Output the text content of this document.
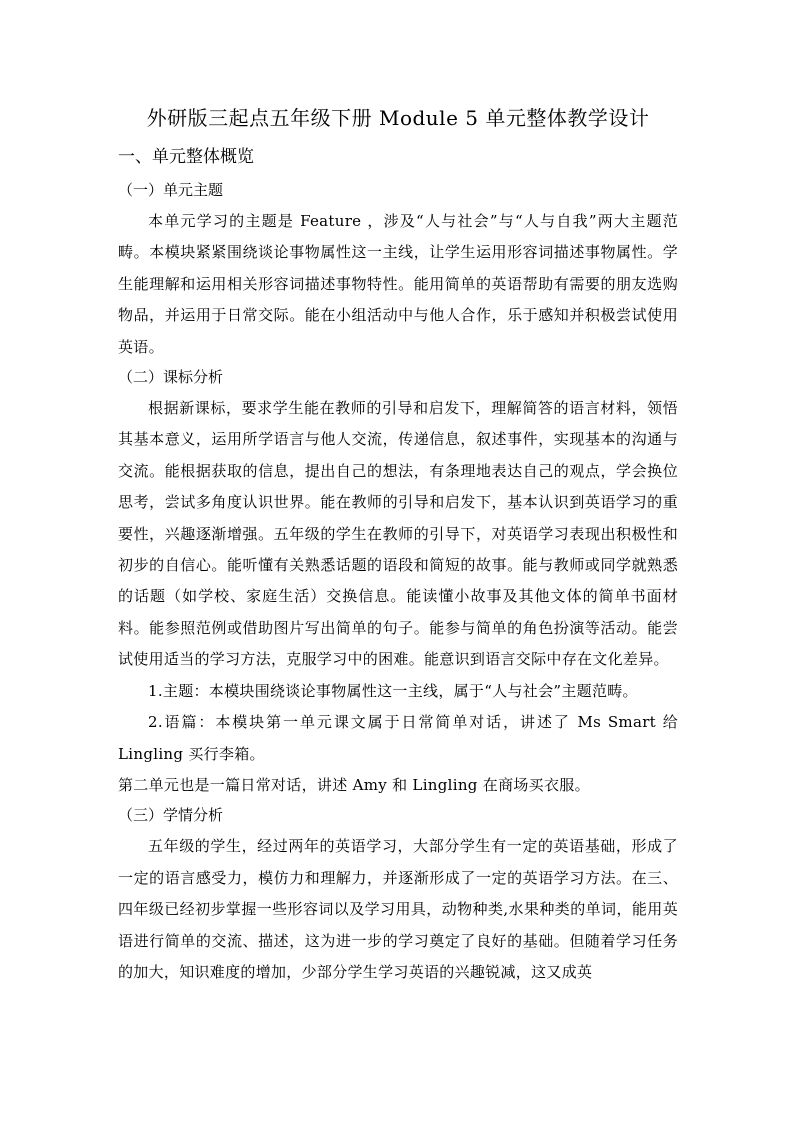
外研版三起点五年级下册 Module 5 单元整体教学设计
一、单元整体概览
（一）单元主题

本单元学习的主题是 Feature ，涉及“人与社会”与“人与自我”两大主题范畴。本模块紧紧围绕谈论事物属性这一主线，让学生运用形容词描述事物属性。学生能理解和运用相关形容词描述事物特性。能用简单的英语帮助有需要的朋友选购物品，并运用于日常交际。能在小组活动中与他人合作，乐于感知并积极尝试使用英语。

（二）课标分析

根据新课标，要求学生能在教师的引导和启发下，理解简答的语言材料，领悟其基本意义，运用所学语言与他人交流，传递信息，叙述事件，实现基本的沟通与交流。能根据获取的信息，提出自己的想法，有条理地表达自己的观点，学会换位思考，尝试多角度认识世界。能在教师的引导和启发下，基本认识到英语学习的重要性，兴趣逐渐增强。五年级的学生在教师的引导下，对英语学习表现出积极性和初步的自信心。能听懂有关熟悉话题的语段和简短的故事。能与教师或同学就熟悉的话题（如学校、家庭生活）交换信息。能读懂小故事及其他文体的简单书面材料。能参照范例或借助图片写出简单的句子。能参与简单的角色扮演等活动。能尝试使用适当的学习方法，克服学习中的困难。能意识到语言交际中存在文化差异。

1.主题：本模块围绕谈论事物属性这一主线，属于“人与社会”主题范畴。

2.语篇：本模块第一单元课文属于日常简单对话，讲述了 Ms Smart 给 Lingling 买行李箱。

第二单元也是一篇日常对话，讲述 Amy 和 Lingling 在商场买衣服。

（三）学情分析

五年级的学生，经过两年的英语学习，大部分学生有一定的英语基础，形成了一定的语言感受力，模仿力和理解力，并逐渐形成了一定的英语学习方法。在三、四年级已经初步掌握一些形容词以及学习用具，动物种类,水果种类的单词，能用英语进行简单的交流、描述，这为进一步的学习奠定了良好的基础。但随着学习任务的加大，知识难度的增加，少部分学生学习英语的兴趣锐减，这又成英
